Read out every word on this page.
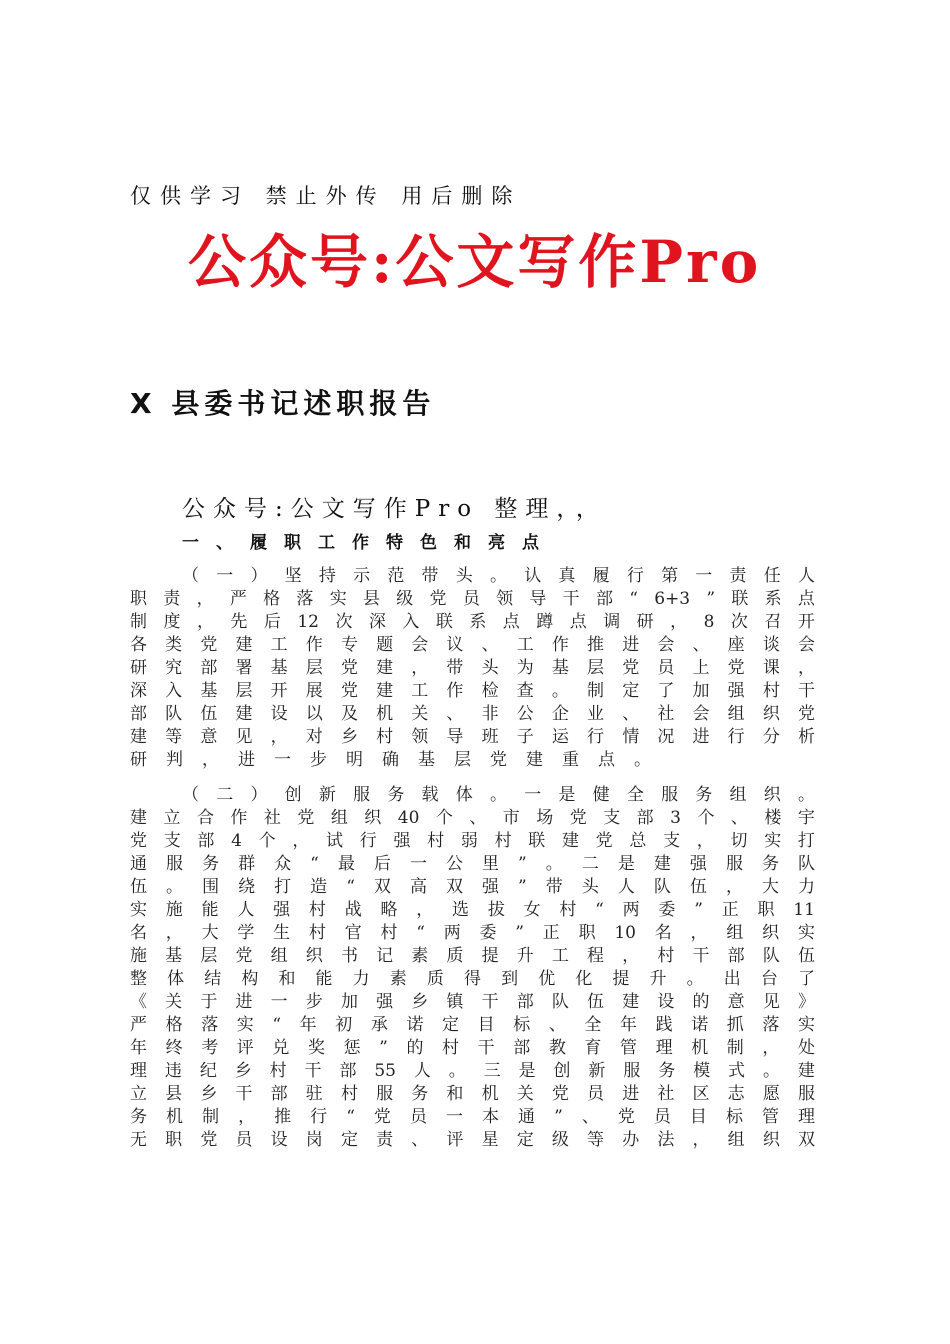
仅供学习 禁止外传 用后删除
公众号:公文写作Pro
X 县委书记述职报告
公众号:公文写作Pro 整理，，
一、履职工作特色和亮点
（ 一 ） 坚 持 示 范 带 头 。 认 真 履 行 第 一 责 任 人
职 责 ， 严 格 落 实 县 级 党 员 领 导 干 部 “ 6+3 ” 联 系 点
制 度 ， 先 后 12 次 深 入 联 系 点 蹲 点 调 研 ， 8 次 召 开
各 类 党 建 工 作 专 题 会 议 、 工 作 推 进 会 、 座 谈 会
研 究 部 署 基 层 党 建 ， 带 头 为 基 层 党 员 上 党 课 ，
深 入 基 层 开 展 党 建 工 作 检 查 。 制 定 了 加 强 村 干
部 队 伍 建 设 以 及 机 关 、 非 公 企 业 、 社 会 组 织 党
建 等 意 见 ， 对 乡 村 领 导 班 子 运 行 情 况 进 行 分 析
研 判 ， 进 一 步 明 确 基 层 党 建 重 点 。
（ 二 ） 创 新 服 务 载 体 。 一 是 健 全 服 务 组 织 。
建 立 合 作 社 党 组 织 40 个 、 市 场 党 支 部 3 个 、 楼 宇
党 支 部 4 个 ， 试 行 强 村 弱 村 联 建 党 总 支 ， 切 实 打
通 服 务 群 众 “ 最 后 一 公 里 ” 。 二 是 建 强 服 务 队
伍 。 围 绕 打 造 “ 双 高 双 强 ” 带 头 人 队 伍 ， 大 力
实 施 能 人 强 村 战 略 ， 选 拔 女 村 “ 两 委 ” 正 职 11
名 ， 大 学 生 村 官 村 “ 两 委 ” 正 职 10 名 ， 组 织 实
施 基 层 党 组 织 书 记 素 质 提 升 工 程 ， 村 干 部 队 伍
整 体 结 构 和 能 力 素 质 得 到 优 化 提 升 。 出 台 了
《 关 于 进 一 步 加 强 乡 镇 干 部 队 伍 建 设 的 意 见 》
严 格 落 实 “ 年 初 承 诺 定 目 标 、 全 年 践 诺 抓 落 实
年 终 考 评 兑 奖 惩 ” 的 村 干 部 教 育 管 理 机 制 ， 处
理 违 纪 乡 村 干 部 55 人 。 三 是 创 新 服 务 模 式 。 建
立 县 乡 干 部 驻 村 服 务 和 机 关 党 员 进 社 区 志 愿 服
务 机 制 ， 推 行 “ 党 员 一 本 通 ” 、 党 员 目 标 管 理
无 职 党 员 设 岗 定 责 、 评 星 定 级 等 办 法 ， 组 织 双
